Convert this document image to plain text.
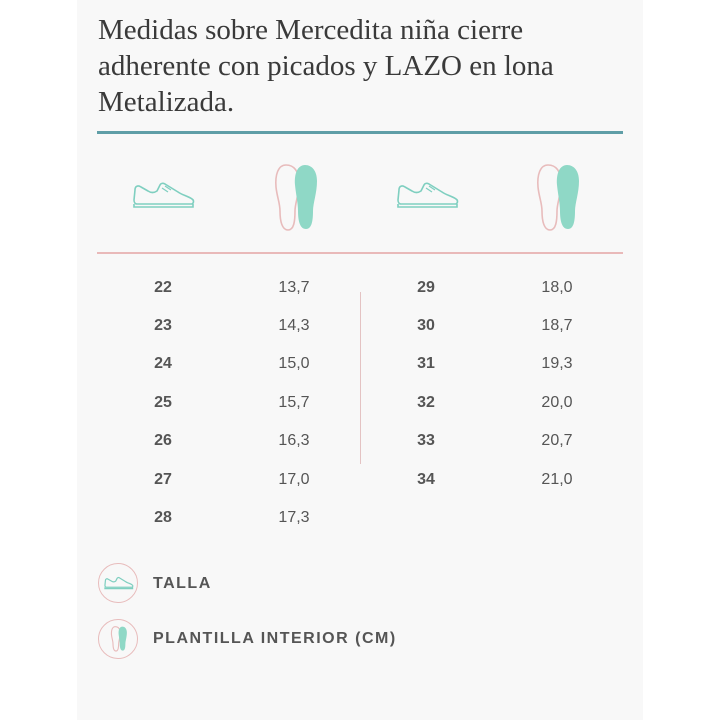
Medidas sobre Mercedita niña cierre adherente con picados y LAZO en lona Metalizada.
22	13,7
23	14,3
24	15,0
25	15,7
26	16,3
27	17,0
28	17,3
29	18,0
30	18,7
31	19,3
32	20,0
33	20,7
34	21,0
TALLA
PLANTILLA INTERIOR (CM)
